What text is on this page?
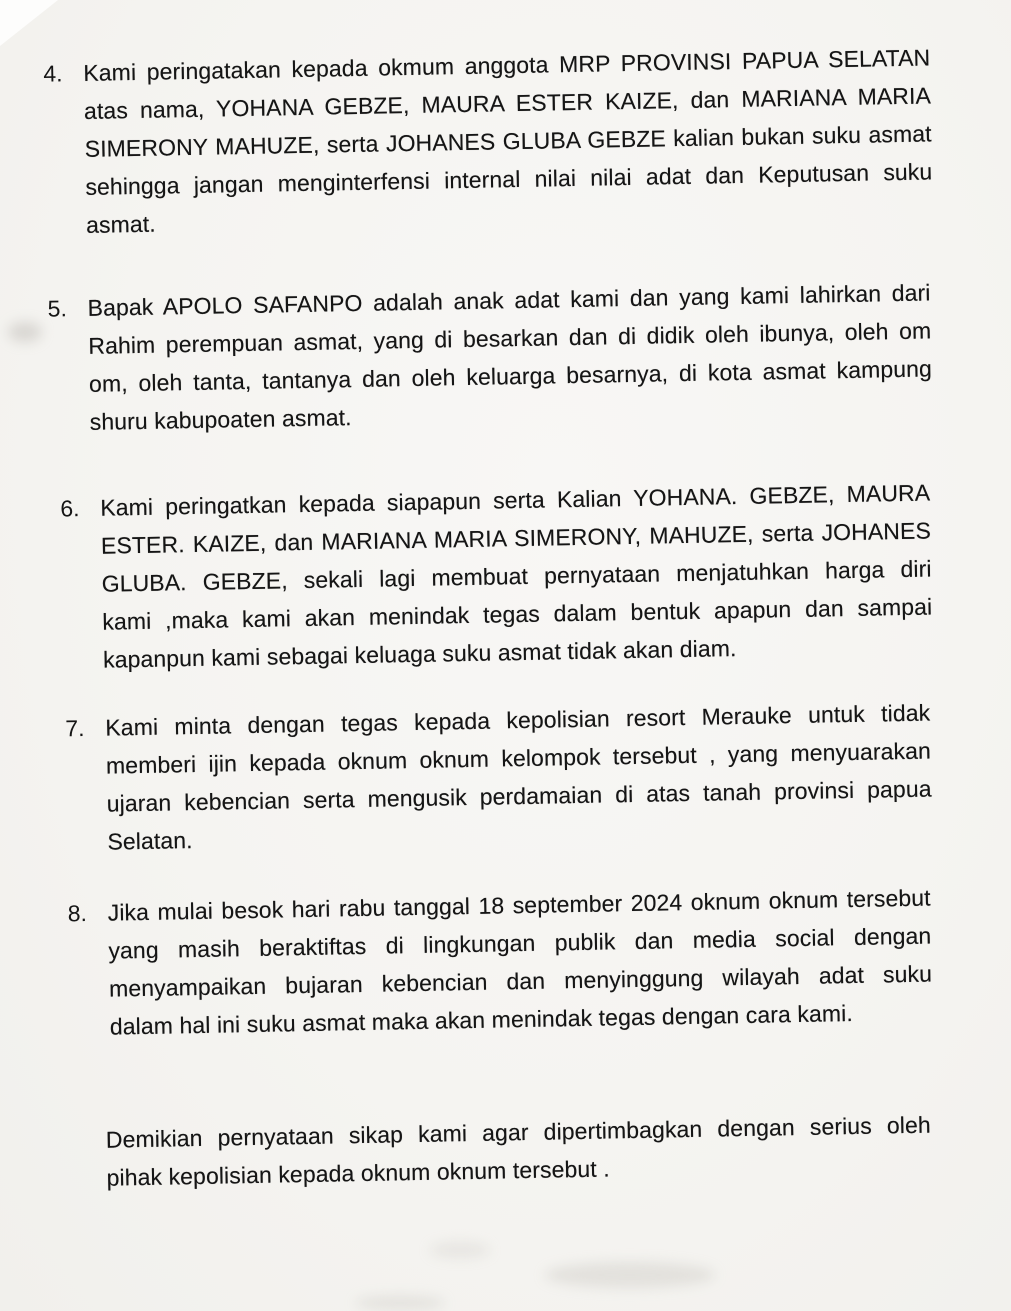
4. Kami peringatakan kepada okmum anggota MRP PROVINSI PAPUA SELATAN
atas nama, YOHANA GEBZE, MAURA ESTER KAIZE, dan MARIANA MARIA
SIMERONY MAHUZE, serta JOHANES GLUBA GEBZE kalian bukan suku asmat
sehingga jangan menginterfensi internal nilai nilai adat dan Keputusan suku
asmat.
5. Bapak APOLO SAFANPO adalah anak adat kami dan yang kami lahirkan dari
Rahim perempuan asmat, yang di besarkan dan di didik oleh ibunya, oleh om
om, oleh tanta, tantanya dan oleh keluarga besarnya, di kota asmat kampung
shuru kabupoaten asmat.
6. Kami peringatkan kepada siapapun serta Kalian YOHANA. GEBZE, MAURA
ESTER. KAIZE, dan MARIANA MARIA SIMERONY, MAHUZE, serta JOHANES
GLUBA. GEBZE, sekali lagi membuat pernyataan menjatuhkan harga diri
kami ,maka kami akan menindak tegas dalam bentuk apapun dan sampai
kapanpun kami sebagai keluaga suku asmat tidak akan diam.
7. Kami minta dengan tegas kepada kepolisian resort Merauke untuk tidak
memberi ijin kepada oknum oknum kelompok tersebut , yang menyuarakan
ujaran kebencian serta mengusik perdamaian di atas tanah provinsi papua
Selatan.
8. Jika mulai besok hari rabu tanggal 18 september 2024 oknum oknum tersebut
yang masih beraktiftas di lingkungan publik dan media social dengan
menyampaikan bujaran kebencian dan menyinggung wilayah adat suku
dalam hal ini suku asmat maka akan menindak tegas dengan cara kami.
Demikian pernyataan sikap kami agar dipertimbagkan dengan serius oleh
pihak kepolisian kepada oknum oknum tersebut .
